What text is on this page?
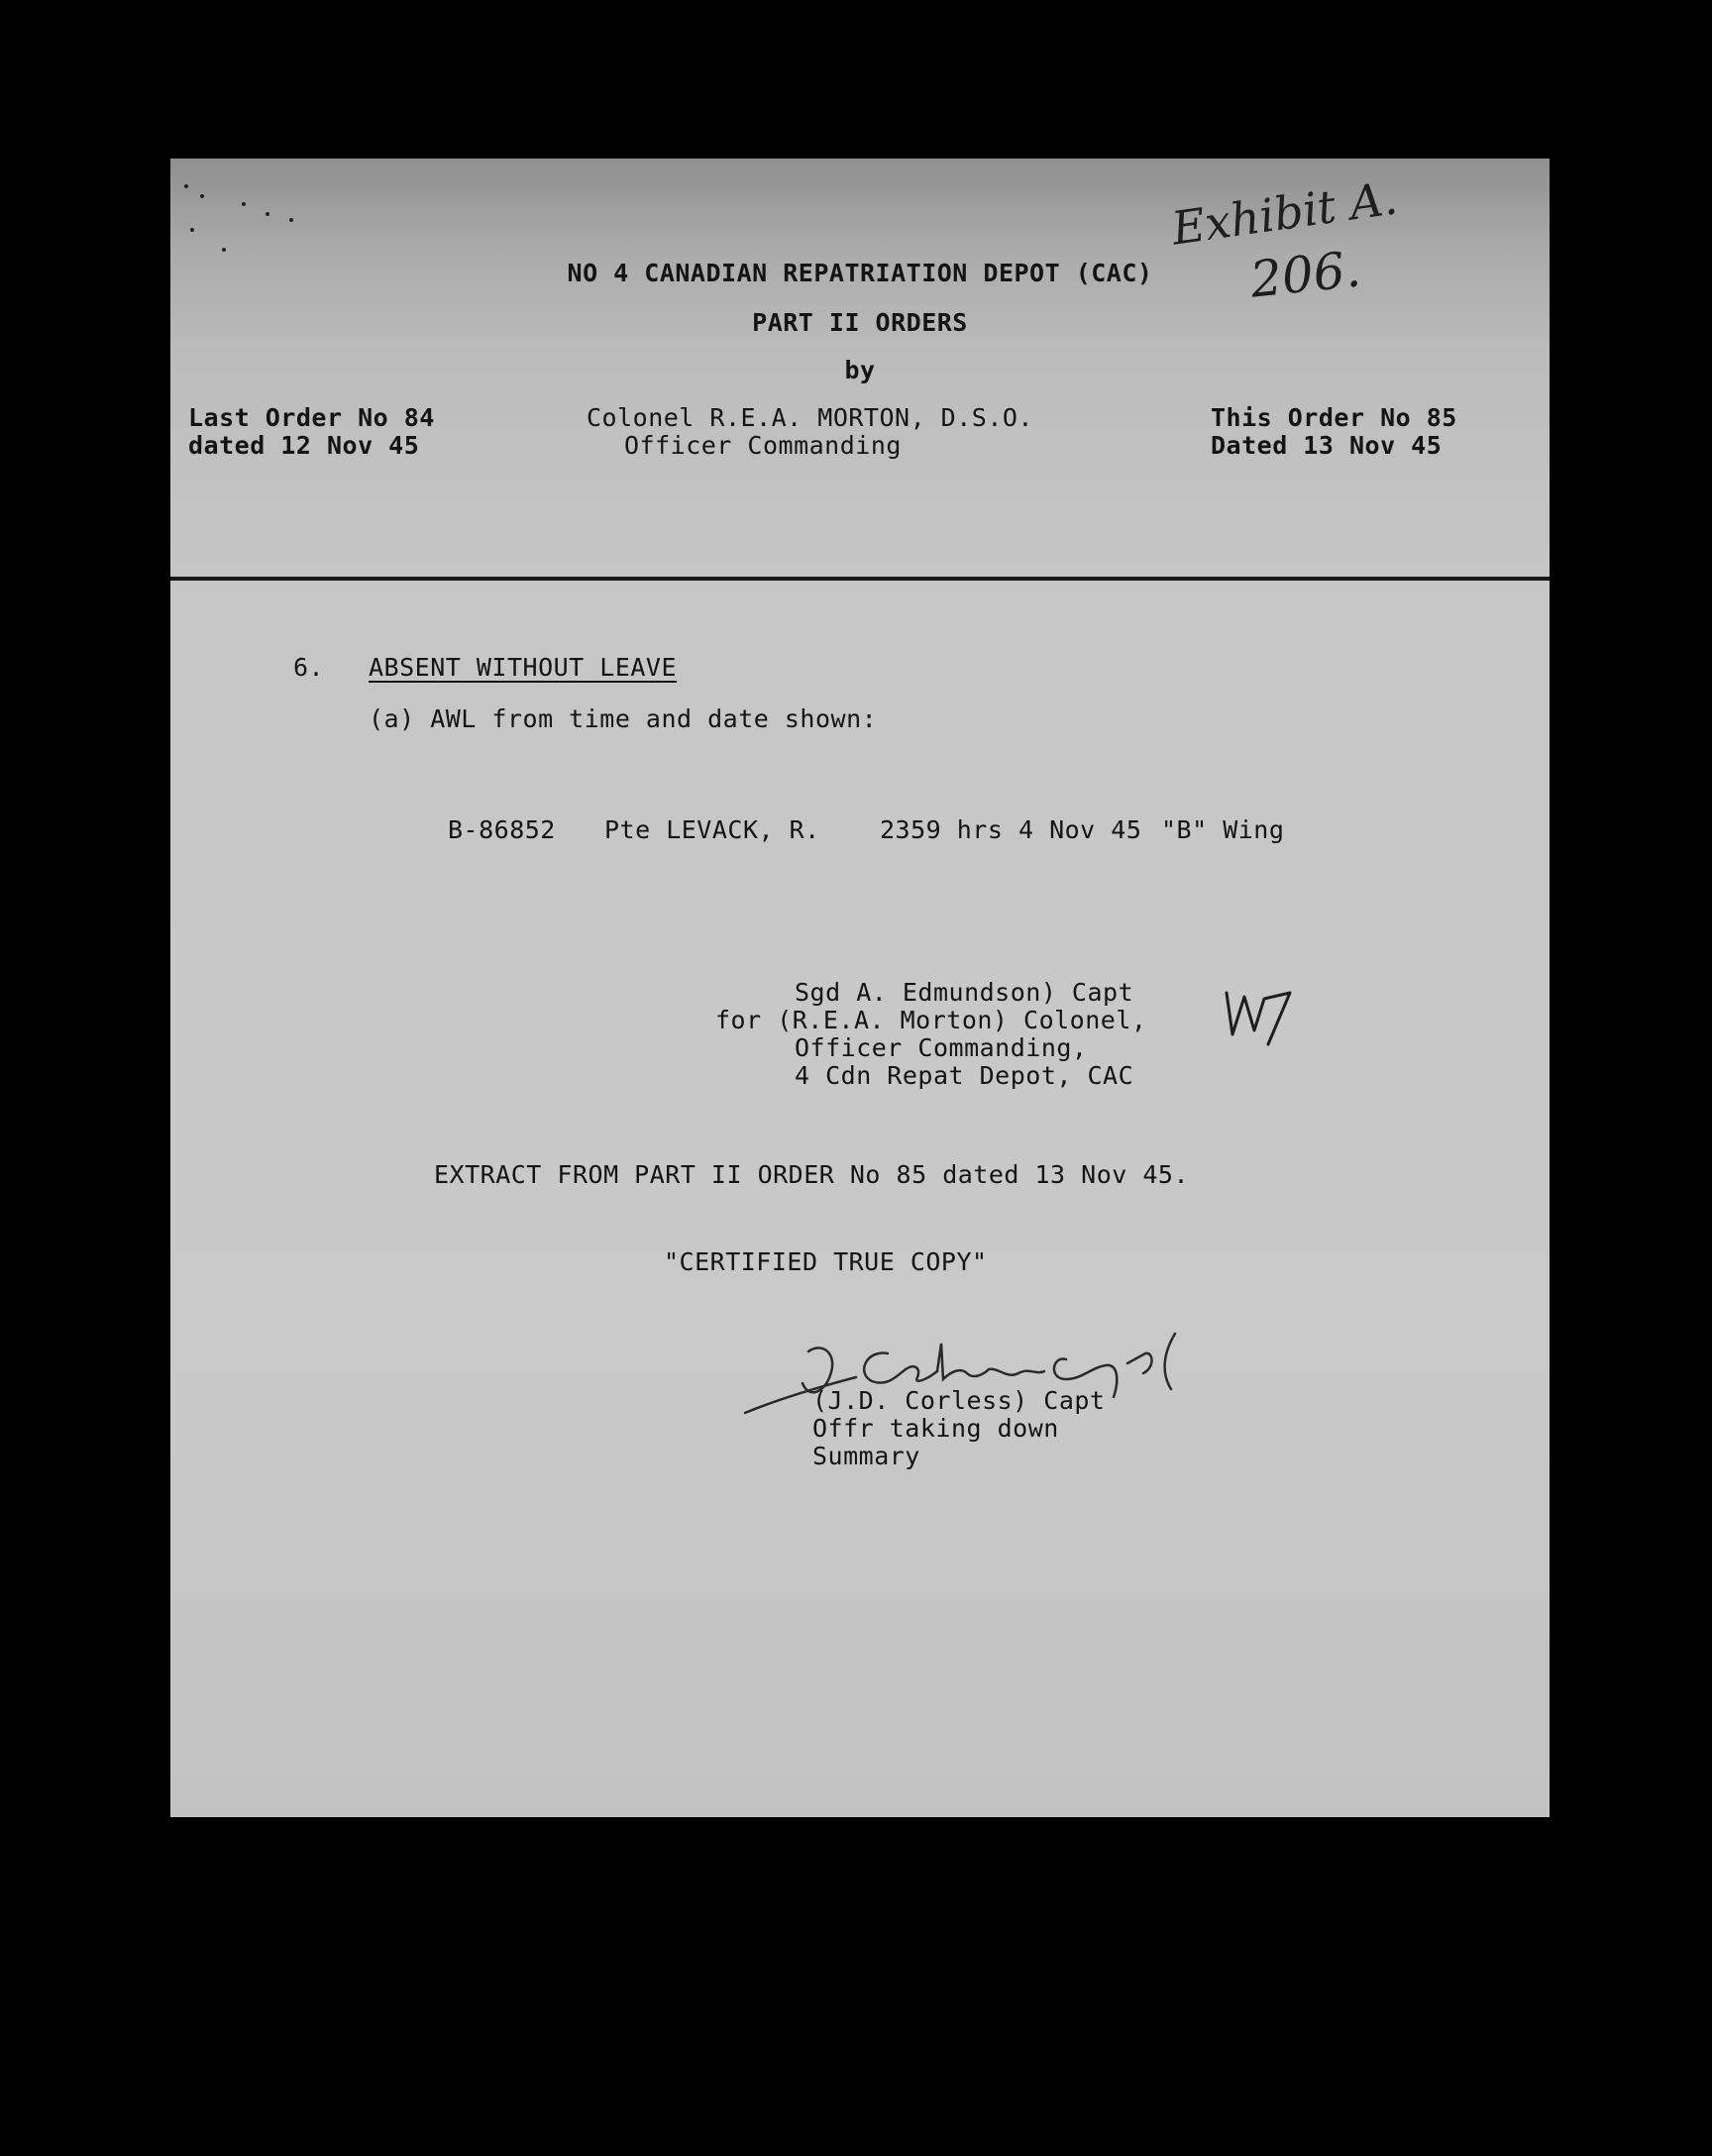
Exhibit A.
206.
NO 4 CANADIAN REPATRIATION DEPOT (CAC)
PART II ORDERS
by
Last Order No 84
dated 12 Nov 45
Colonel R.E.A. MORTON, D.S.O.
Officer Commanding
This Order No 85
Dated 13 Nov 45
6. ABSENT WITHOUT LEAVE
(a) AWL from time and date shown:
B-86852 Pte LEVACK, R. 2359 hrs 4 Nov 45 "B" Wing
Sgd A. Edmundson) Capt
for (R.E.A. Morton) Colonel,
Officer Commanding,
4 Cdn Repat Depot, CAC
EXTRACT FROM PART II ORDER No 85 dated 13 Nov 45.
"CERTIFIED TRUE COPY"
(J.D. Corless) Capt
Offr taking down
Summary
